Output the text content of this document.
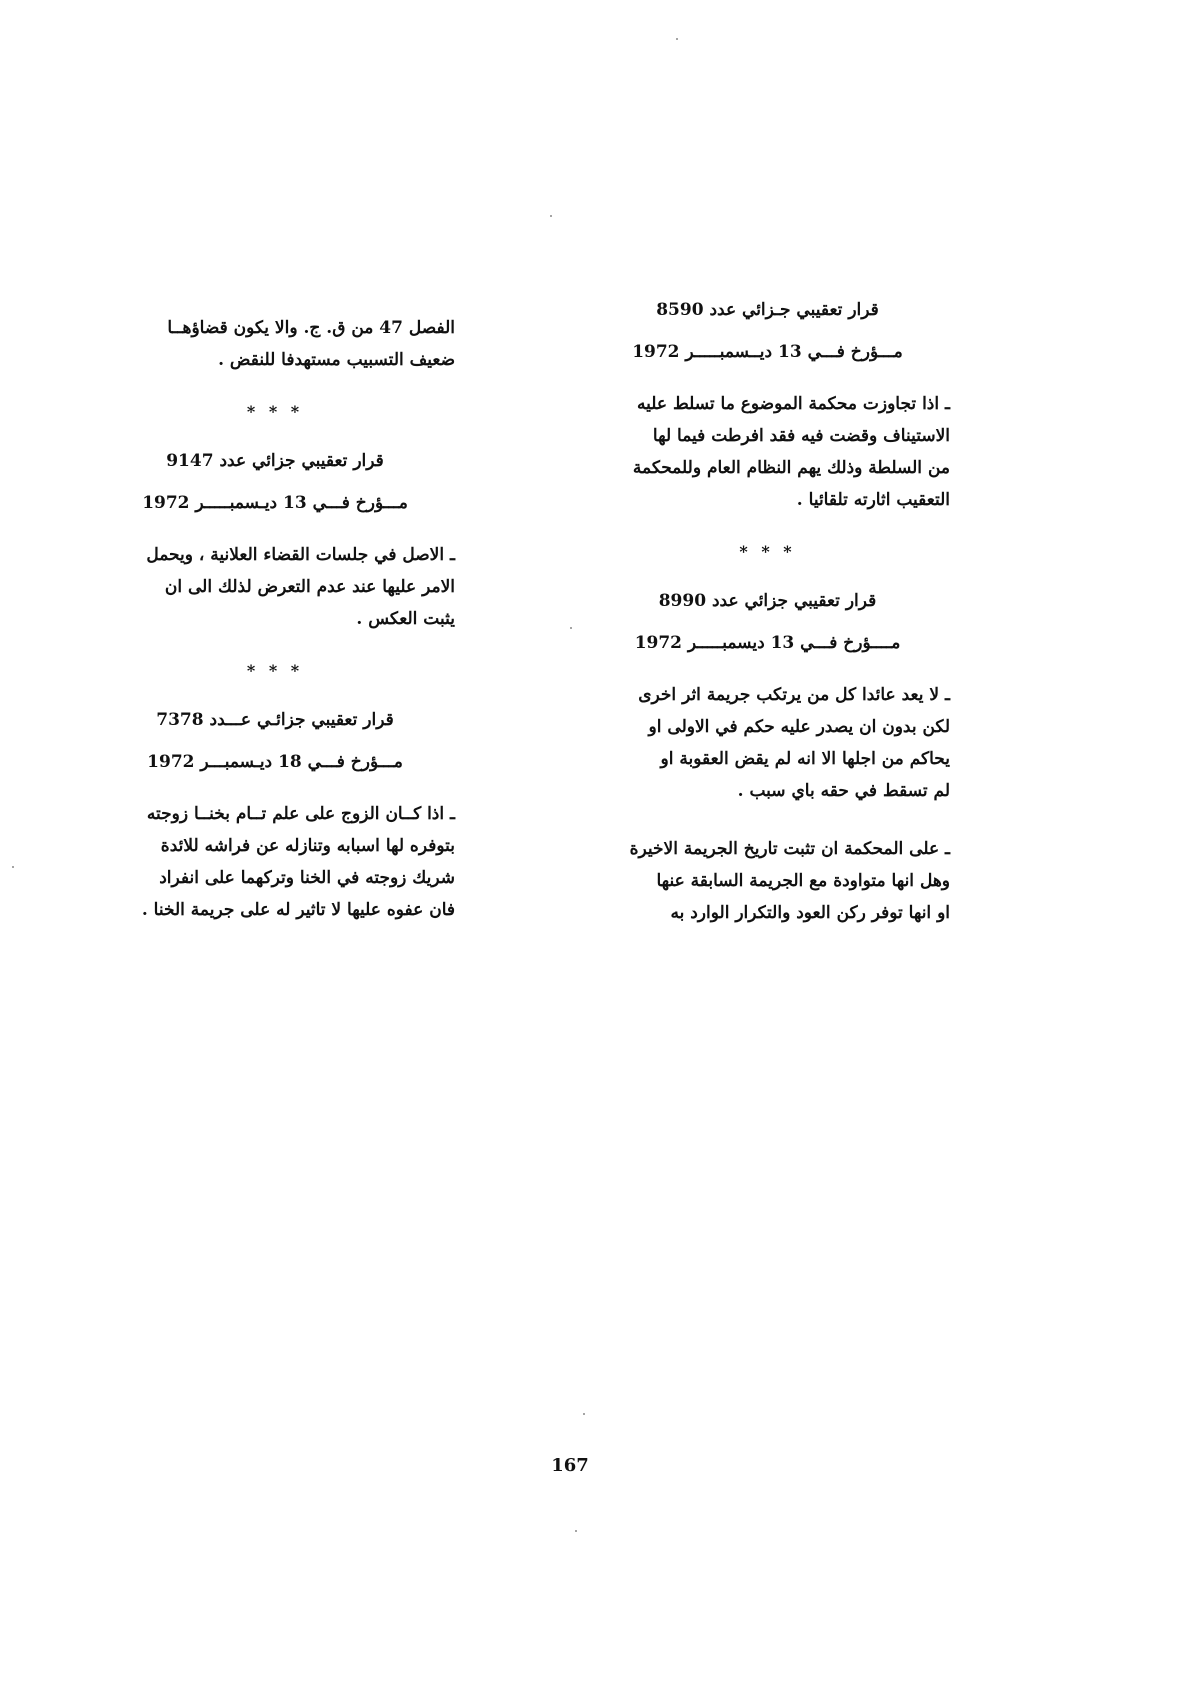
قرار تعقيبي جـزائي عدد 8590
مـــؤرخ فـــي 13 ديــسمبـــــر 1972
ـ اذا تجاوزت محكمة الموضوع ما تسلط عليه
الاستيناف وقضت فيه فقد افرطت فيما لها
من السلطة وذلك يهم النظام العام وللمحكمة
التعقيب اثارته تلقائيا .
* * *
قرار تعقيبي جزائي عدد 8990
مــــؤرخ فـــي 13 ديسمبـــــر 1972
ـ لا يعد عائدا كل من يرتكب جريمة اثر اخرى
لكن بدون ان يصدر عليه حكم في الاولى او
يحاكم من اجلها الا انه لم يقض العقوبة او
لم تسقط في حقه باي سبب .
ـ على المحكمة ان تثبت تاريخ الجريمة الاخيرة
وهل انها متواودة مع الجريمة السابقة عنها
او انها توفر ركن العود والتكرار الوارد به
الفصل 47 من ق. ج. والا يكون قضاؤهــا
ضعيف التسبيب مستهدفا للنقض .
* * *
قرار تعقيبي جزائي عدد 9147
مـــؤرخ فـــي 13 ديـسمبـــــر 1972
ـ الاصل في جلسات القضاء العلانية ، ويحمل
الامر عليها عند عدم التعرض لذلك الى ان
يثبت العكس .
* * *
قرار تعقيبي جزائـي عـــدد 7378
مـــؤرخ فـــي 18 ديـسمبـــر 1972
ـ اذا كــان الزوج على علم تــام بخنــا زوجته
بتوفره لها اسبابه وتنازله عن فراشه للائدة
شريك زوجته في الخنا وتركهما على انفراد
فان عفوه عليها لا تاثير له على جريمة الخنا .
167
